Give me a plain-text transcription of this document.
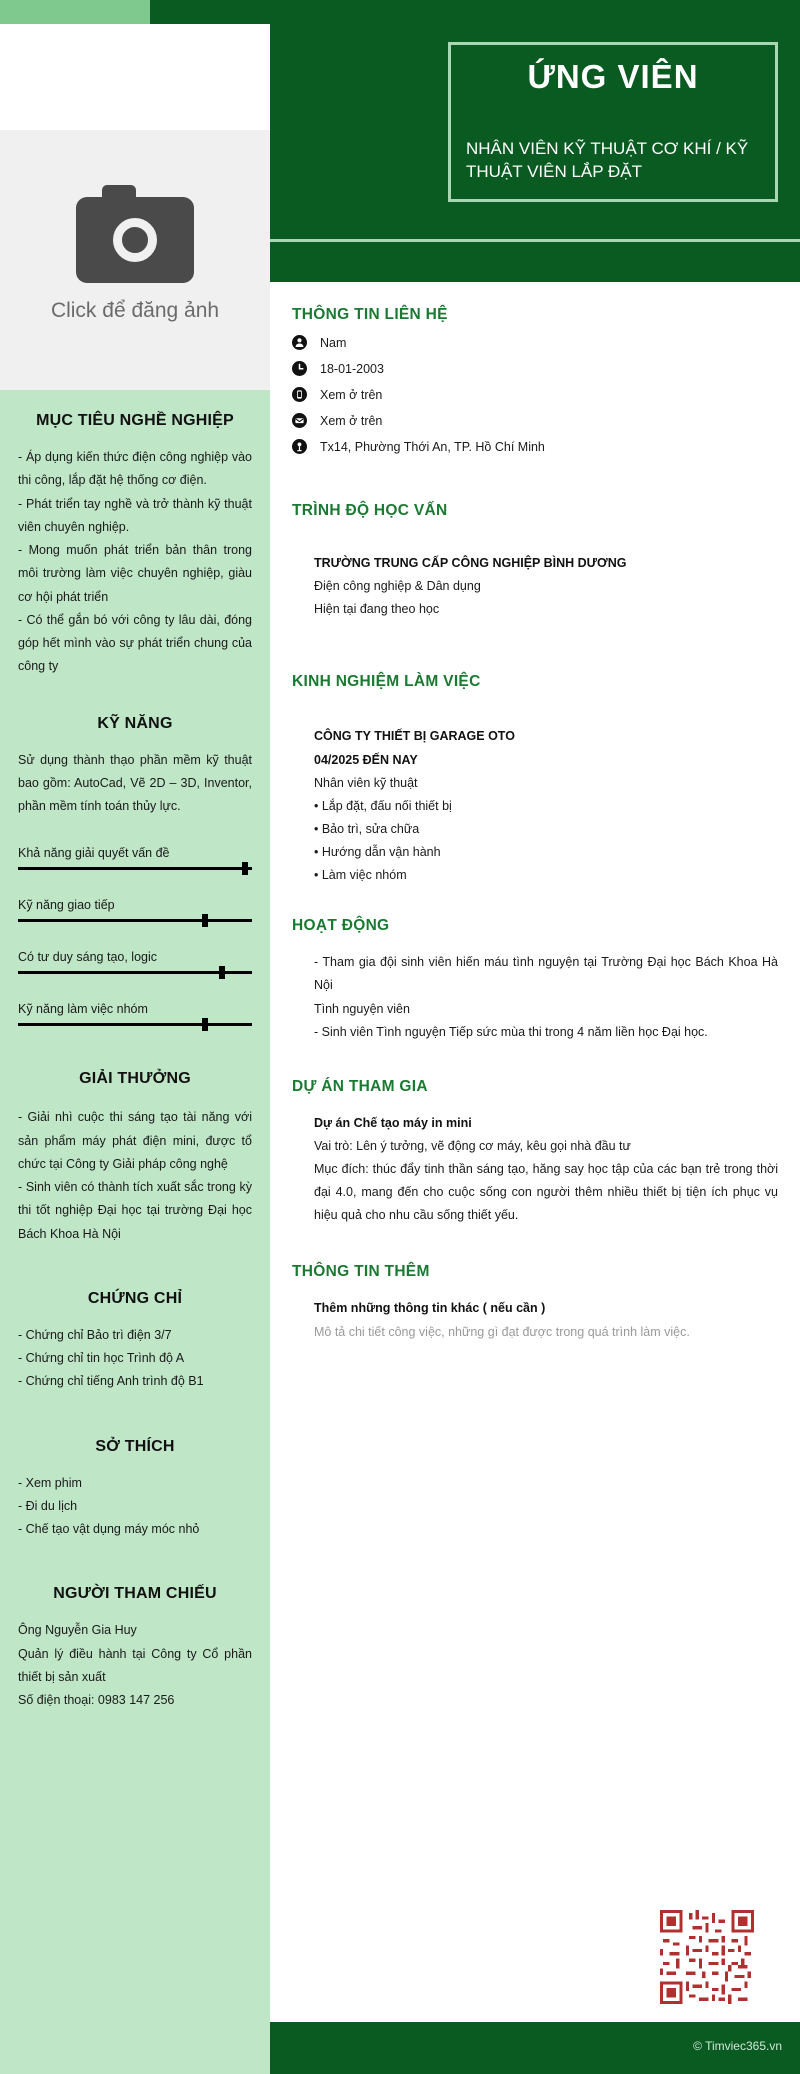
ỨNG VIÊN
NHÂN VIÊN KỸ THUẬT CƠ KHÍ / KỸ THUẬT VIÊN LẮP ĐẶT
Click để đăng ảnh
MỤC TIÊU NGHỀ NGHIỆP
- Áp dụng kiến thức điện công nghiệp vào thi công, lắp đặt hệ thống cơ điện.
- Phát triển tay nghề và trở thành kỹ thuật viên chuyên nghiệp.
- Mong muốn phát triển bản thân trong môi trường làm việc chuyên nghiệp, giàu cơ hội phát triển
- Có thể gắn bó với công ty lâu dài, đóng góp hết mình vào sự phát triển chung của công ty
KỸ NĂNG
Sử dụng thành thạo phần mềm kỹ thuật bao gồm: AutoCad, Vẽ 2D – 3D, Inventor, phần mềm tính toán thủy lực.
Khả năng giải quyết vấn đề
Kỹ năng giao tiếp
Có tư duy sáng tạo, logic
Kỹ năng làm việc nhóm
GIẢI THƯỞNG
- Giải nhì cuộc thi sáng tạo tài năng với sản phẩm máy phát điện mini, được tổ chức tại Công ty Giải pháp công nghệ
- Sinh viên có thành tích xuất sắc trong kỳ thi tốt nghiệp Đại học tại trường Đại học Bách Khoa Hà Nội
CHỨNG CHỈ
- Chứng chỉ Bảo trì điện 3/7
- Chứng chỉ tin học Trình độ A
- Chứng chỉ tiếng Anh trình độ B1
SỞ THÍCH
- Xem phim
- Đi du lịch
- Chế tạo vật dụng máy móc nhỏ
NGƯỜI THAM CHIẾU
Ông Nguyễn Gia Huy
Quản lý điều hành tại Công ty Cổ phần thiết bị sản xuất
Số điện thoại: 0983 147 256
THÔNG TIN LIÊN HỆ
Nam
18-01-2003
Xem ở trên
Xem ở trên
Tx14, Phường Thới An, TP. Hồ Chí Minh
TRÌNH ĐỘ HỌC VẤN
TRƯỜNG TRUNG CẤP CÔNG NGHIỆP BÌNH DƯƠNG
Điện công nghiệp & Dân dụng
Hiện tại đang theo học
KINH NGHIỆM LÀM VIỆC
CÔNG TY THIẾT BỊ GARAGE OTO
04/2025 ĐẾN NAY
Nhân viên kỹ thuật
• Lắp đặt, đấu nối thiết bị
• Bảo trì, sửa chữa
• Hướng dẫn vận hành
• Làm việc nhóm
HOẠT ĐỘNG
- Tham gia đội sinh viên hiến máu tình nguyện tại Trường Đại học Bách Khoa Hà Nội
Tình nguyện viên
- Sinh viên Tình nguyện Tiếp sức mùa thi trong 4 năm liền học Đại học.
DỰ ÁN THAM GIA
Dự án Chế tạo máy in mini
Vai trò: Lên ý tưởng, vẽ động cơ máy, kêu gọi nhà đầu tư
Mục đích: thúc đẩy tinh thần sáng tạo, hăng say học tập của các bạn trẻ trong thời đại 4.0, mang đến cho cuộc sống con người thêm nhiều thiết bị tiện ích phục vụ hiệu quả cho nhu cầu sống thiết yếu.
THÔNG TIN THÊM
Thêm những thông tin khác ( nếu cần )
Mô tả chi tiết công việc, những gì đạt được trong quá trình làm việc.
© Timviec365.vn
